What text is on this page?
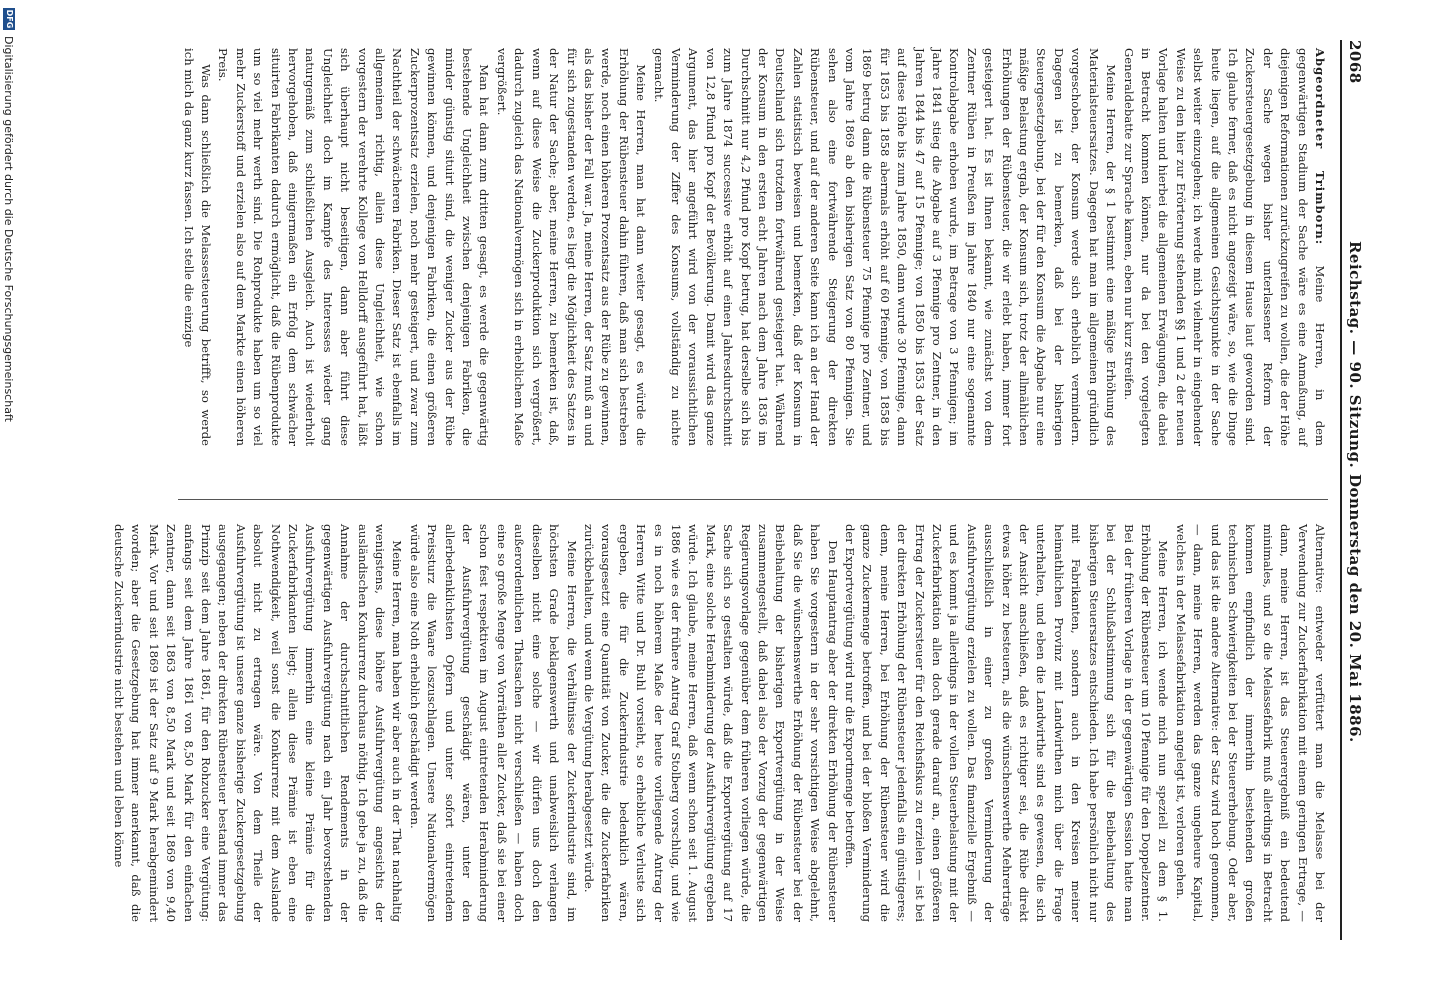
2068
Reichstag. — 90. Sitzung. Donnerstag den 20. Mai 1886.

Abgeordneter Trimborn: Meine Herren, in dem gegenwärtigen Stadium der Sache wäre es eine Anmaßung, auf diejenigen Reformationen zurückzugreifen zu wollen, die der Höhe der Sache wegen bisher unterlassener Reform der Zuckersteuergesetzgebung in diesem Hause laut geworden sind. Ich glaube ferner, daß es nicht angezeigt wäre, so, wie die Dinge heute liegen, auf die allgemeinen Gesichtspunkte in der Sache selbst weiter einzugehen; ich werde mich vielmehr in eingehender Weise zu den hier zur Erörterung stehenden §§ 1 und 2 der neuen Vorlage halten und hierbei die allgemeinen Erwägungen, die dabei in Betracht kommen können, nur da bei den vorgelegten Generaldebatte zur Sprache kamen, eben nur kurz streifen.

Meine Herren, der § 1 bestimmt eine mäßige Erhöhung des Materialsteuersatzes. Dagegen hat man im allgemeinen gründlich vorgeschoben, der Konsum werde sich erheblich vermindern. Dagegen ist zu bemerken, daß bei der bisherigen Steuergesetzgebung, bei der für den Konsum die Abgabe nur eine mäßige Belastung ergab, der Konsum sich, trotz der allmählichen Erhöhungen der Rübensteuer, die wir erlebt haben, immer fort gesteigert hat. Es ist Ihnen bekannt, wie zunächst von dem Zentner Rüben in Preußen im Jahre 1840 nur eine sogenannte Kontrolabgabe erhoben wurde, im Betrage von 3 Pfennigen; im Jahre 1841 stieg die Abgabe auf 3 Pfennige pro Zentner, in den Jahren 1844 bis 47 auf 15 Pfennige; von 1850 bis 1853 der Satz auf diese Höhe bis zum Jahre 1850, dann wurde 30 Pfennige, dann für 1853 bis 1858 abermals erhöht auf 60 Pfennige, von 1858 bis 1869 betrug dann die Rübensteuer 75 Pfennige pro Zentner, und vom Jahre 1869 ab den bisherigen Satz von 80 Pfennigen. Sie sehen also eine fortwährende Steigerung der direkten Rübensteuer, und auf der anderen Seite kann ich an der Hand der Zahlen statistisch beweisen und bemerken, daß der Konsum in Deutschland sich trotzdem fortwährend gesteigert hat. Während der Konsum in den ersten acht Jahren nach dem Jahre 1836 im Durchschnitt nur 4,2 Pfund pro Kopf betrug, hat derselbe sich bis zum Jahre 1874 successive erhöht auf einen Jahresdurchschnitt von 12,8 Pfund pro Kopf der Bevölkerung. Damit wird das ganze Argument, das hier angeführt wird von der voraussichtlichen Verminderung der Ziffer des Konsums, vollständig zu nichte gemacht.

Meine Herren, man hat dann weiter gesagt, es würde die Erhöhung der Rübensteuer dahin führen, daß man sich bestreben werde, noch einen höheren Prozentsatz aus der Rübe zu gewinnen, als das bisher der Fall war. Ja, meine Herren, der Satz muß an und für sich zugestanden werden, es liegt die Möglichkeit des Satzes in der Natur der Sache; aber, meine Herren, zu bemerken ist, daß, wenn auf diese Weise die Zuckerproduktion sich vergrößert, dadurch zugleich das Nationalvermögen sich in erheblichem Maße vergrößert.

Man hat dann zum dritten gesagt, es werde die gegenwärtig bestehende Ungleichheit zwischen denjenigen Fabriken, die minder günstig situirt sind, die weniger Zucker aus der Rübe gewinnen können, und denjenigen Fabriken, die einen größeren Zuckerprozentsatz erzielen, noch mehr gesteigert, und zwar zum Nachtheil der schwächeren Fabriken. Dieser Satz ist ebenfalls im allgemeinen richtig, allein diese Ungleichheit, wie schon vorgestern der verehrte Kollege von Helldorff ausgeführt hat, läßt sich überhaupt nicht beseitigen, dann aber führt diese Ungleichheit doch im Kampfe des Interesses wieder gang naturgemäß zum schließlichen Ausgleich. Auch ist wiederholt hervorgehoben, daß einigermaßen ein Erfolg dem schwächer situirten Fabrikanten dadurch ermöglicht, daß die Rübenprodukte um so viel mehr werth sind. Die Rohprodukte haben um so viel mehr Zuckerstoff und erzielen also auf dem Markte einen höheren Preis.

Was dann schließlich die Melassesteuerung betrifft, so werde ich mich da ganz kurz fassen. Ich stelle die einzige

Alternative: entweder verfüttert man die Melasse bei der Verwendung zur Zuckerfabrikation mit einem geringen Ertrage, — dann, meine Herren, ist das Steuerergebniß ein bedeutend minimales, und so die Melassefabrik muß allerdings in Betracht kommen empfindlich der immerhin bestehenden großen technischen Schwierigkeiten bei der Steuererhebung. Oder aber, und das ist die andere Alternative: der Satz wird hoch genommen, — dann, meine Herren, werden das ganze ungeheure Kapital, welches in der Melassefabrikation angelegt ist, verloren gehen.

Meine Herren, ich wende mich nun speziell zu dem § 1. Erhöhung der Rübensteuer um 10 Pfennige für den Doppelzentner. Bei der früheren Vorlage in der gegenwärtigen Session hatte man bei der Schlußabstimmung sich für die Beibehaltung des bisherigen Steuersatzes entschieden. Ich habe persönlich nicht nur mit Fabrikanten, sondern auch in den Kreisen meiner heimathlichen Provinz mit Landwirthen mich über die Frage unterhalten, und eben die Landwirthe sind es gewesen, die sich der Ansicht anschließen, daß es richtiger sei, die Rübe direkt etwas höher zu besteuern, als die wünschenswerthe Mehrerträge ausschließlich in einer zu großen Verminderung der Ausfuhrvergütung erzielen zu wollen. Das finanzielle Ergebniß — und es kommt ja allerdings in der vollen Steuerbelastung mit der Zuckerfabrikation allen doch gerade darauf an, einen größeren Ertrag der Zuckersteuer für den Reichsfiskus zu erzielen — ist bei der direkten Erhöhung der Rübensteuer jedenfalls ein günstigeres; denn, meine Herren, bei Erhöhung der Rübensteuer wird die ganze Zuckermenge betroffen, und bei der bloßen Verminderung der Exportvergütung wird nur die Exportmenge betroffen.

Den Hauptantrag aber der direkten Erhöhung der Rübensteuer haben Sie vorgestern in der sehr vorsichtigen Weise abgelehnt, daß Sie die wünschenswerthe Erhöhung der Rübensteuer bei der Beibehaltung der bisherigen Exportvergütung in der Weise zusammengestellt, daß dabei also der Vorzug der gegenwärtigen Regierungsvorlage gegenüber dem früheren vorliegen würde, die Sache sich so gestalten würde, daß die Exportvergütung auf 17 Mark, eine solche Herabminderung der Ausfuhrvergütung ergeben würde. Ich glaube, meine Herren, daß wenn schon seit 1. August 1886 wie es der frühere Antrag Graf Stolberg vorschlug, und wie es in noch höherem Maße der heute vorliegende Antrag der Herren Witte und Dr. Buhl vorsieht, so erhebliche Verluste sich ergeben, die für die Zuckerindustrie bedenklich wären, vorausgesetzt eine Quantität von Zucker, die die Zuckerfabriken zurückbehalten, und wenn die Vergütung herabgesetzt würde.

Meine Herren, die Verhältnisse der Zuckerindustrie sind, im höchsten Grade beklagenswerth und unabweislich verlangen dieselben nicht eine solche — wir dürfen uns doch den außerordentlichen Thatsachen nicht verschließen — haben doch eine so große Menge von Vorräthen aller Zucker, daß sie bei einer schon fest respektiven im August eintretenden Herabminderung der Ausfuhrvergütung geschädigt wären, unter den allerbedenklichsten Opfern und unter sofort eintretendem Preissturz die Waare loszuschlagen. Unsere Nationalvermögen würde also eine Noth erheblich geschädigt werden.

Meine Herren, man haben wir aber auch in der That nachhaltig wenigstens, diese höhere Ausfuhrvergütung angesichts der ausländischen Konkurrenz durchaus nöthig. Ich gebe ja zu, daß die Annahme der durchschnittlichen Rendements in der gegenwärtigen Ausfuhrvergütung nach ein Jahr bevorstehenden Ausfuhrvergütung immerhin eine kleine Prämie für die Zuckerfabrikanten liegt; allein diese Prämie ist eben eine Nothwendigkeit, weil sonst die Konkurrenz mit dem Auslande absolut nicht zu ertragen wäre. Von dem Theile der Ausfuhrvergütung ist unsere ganze bisherige Zuckergesetzgebung ausgegangen; neben der direkten Rübensteuer bestand immer das Prinzip seit dem Jahre 1861, für den Rohzucker eine Vergütung: anfangs seit dem Jahre 1861 von 8,50 Mark für den einfachen Zentner, dann seit 1863 von 8,50 Mark und seit 1869 von 9,40 Mark. Vor und seit 1869 ist der Satz auf 9 Mark herabgemindert worden; aber die Gesetzgebung hat immer anerkannt, daß die deutsche Zuckerindustrie nicht bestehen und leben könne

DFG
Digitalisierung gefördert durch die Deutsche Forschungsgemeinschaft
